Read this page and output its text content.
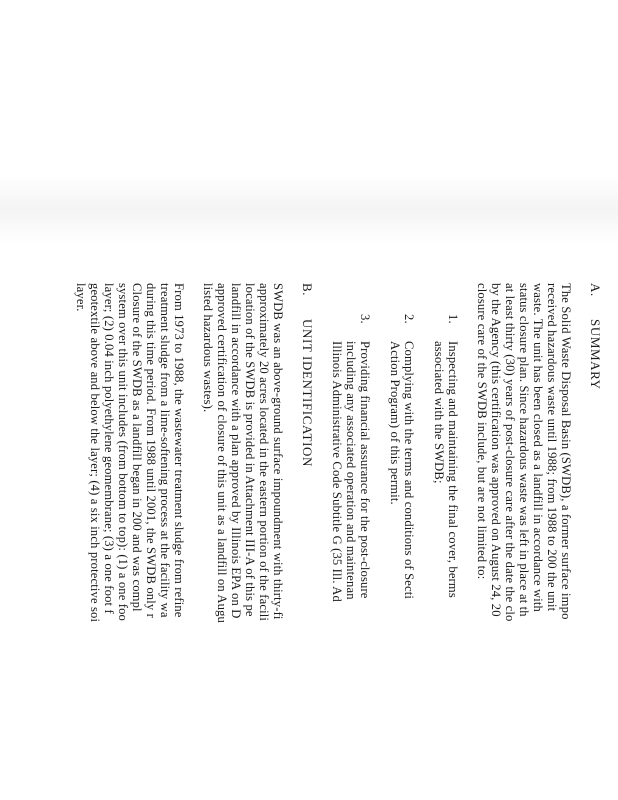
A.SUMMARY
The Solid Waste Disposal Basin (SWDB), a former surface impo
received hazardous waste until 1988; from 1988 to 200 the unit
waste. The unit has been closed as a landfill in accordance with
status closure plan. Since hazardous waste was left in place at th
at least thirty (30) years of post-closure care after the date the clo
by the Agency (this certification was approved on August 24, 20
closure care of the SWDB include, but are not limited to:
1.
Inspecting and maintaining the final cover, berms
associated with the SWDB;
2.
Complying with the terms and conditions of Secti
Action Program) of this permit.
3.
Providing financial assurance for the post-closure
including any associated operation and maintenan
Illinois Administrative Code Subtitle G (35 Ill. Ad
B.UNIT IDENTIFICATION
SWDB was an above-ground surface impoundment with thirty-fi
approximately 20 acres located in the eastern portion of the facili
location of the SWDB is provided in Attachment III-A of this pe
landfill in accordance with a plan approved by Illinois EPA on D
approved certification of closure of this unit as a landfill on Augu
listed hazardous wastes).
From 1973 to 1988, the wastewater treatment sludge from refine
treatment sludge from a lime-softening process at the facility wa
during this time period. From 1988 until 2001, the SWDB only r
Closure of the SWDB as a landfill began in 200 and was compl
system over this unit includes (from bottom to top): (1) a one foo
layer; (2) 0.04 inch polyethylene geomembrane; (3) a one foot f
geotextile above and below the layer; (4) a six inch protective soi
layer.
